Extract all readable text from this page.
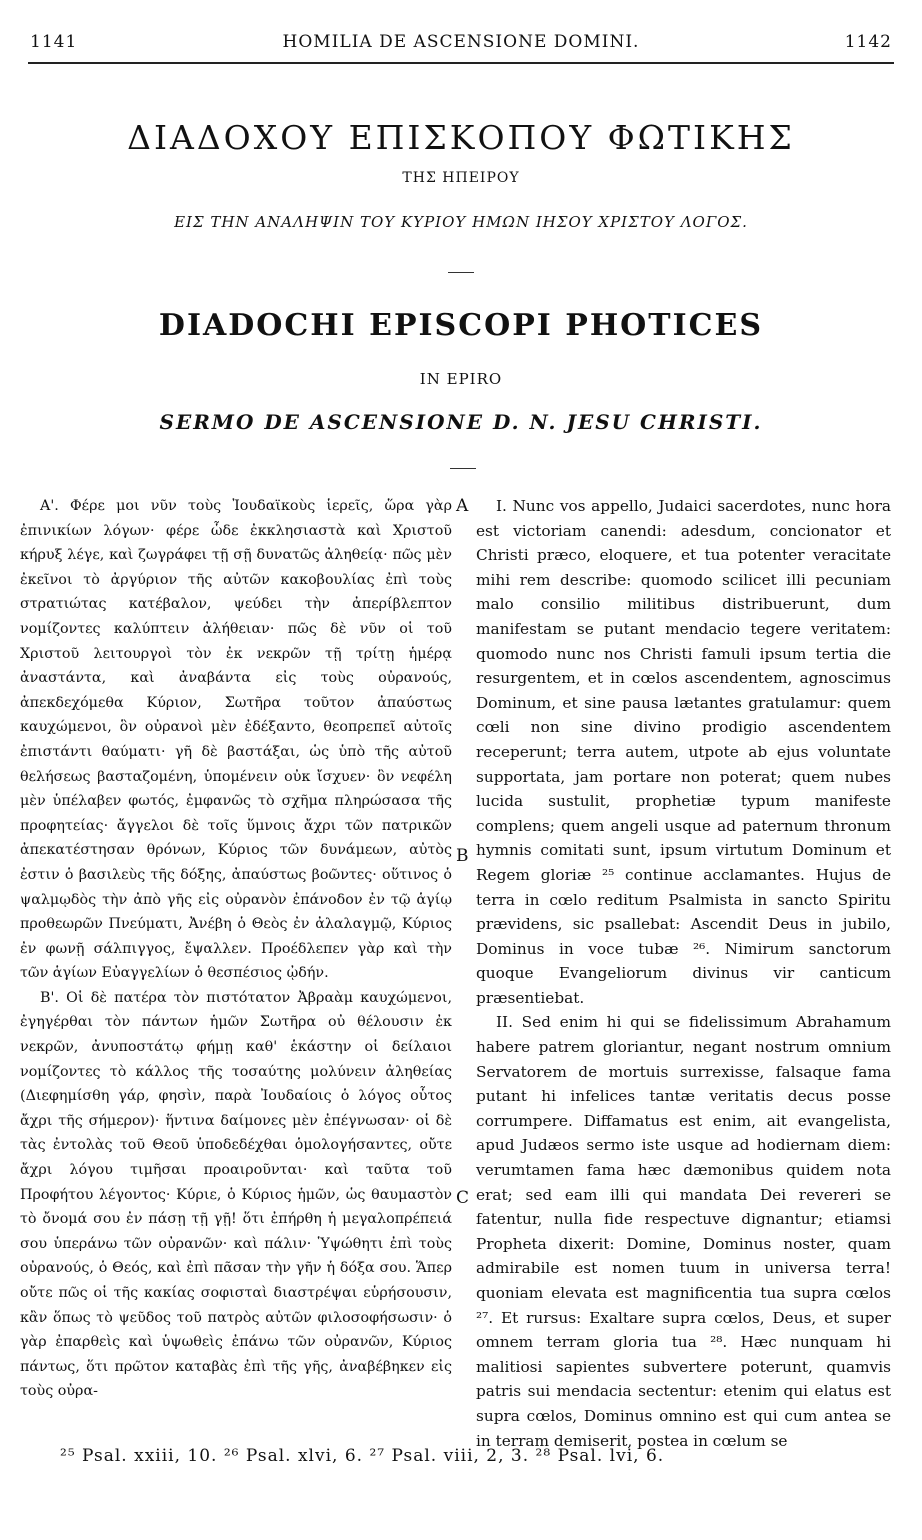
1141	HOMILIA DE ASCENSIONE DOMINI.	1142
ΔΙΑΔΟΧΟΥ ΕΠΙΣΚΟΠΟΥ ΦΩΤΙΚΗΣ
ΤΗΣ ΗΠΕΙΡΟΥ
ΕΙΣ ΤΗΝ ΑΝΑΛΗΨΙΝ ΤΟΥ ΚΥΡΙΟΥ ΗΜΩΝ ΙΗΣΟΥ ΧΡΙΣΤΟΥ ΛΟΓΟΣ.
DIADOCHI EPISCOPI PHOTICES
IN EPIRO
SERMO DE ASCENSIONE D. N. JESU CHRISTI.
Α'. Φέρε μοι νῦν τοὺς Ἰουδαϊκοὺς ἱερεῖς, ὥρα γὰρ ἐπινικίων λόγων· φέρε ὧδε ἐκκλησιαστὰ καὶ Χριστοῦ κήρυξ λέγε, καὶ ζωγράφει τῇ σῇ δυνατῶς ἀληθείᾳ· πῶς μὲν ἐκεῖνοι τὸ ἀργύριον τῆς αὐτῶν κακοβουλίας ἐπὶ τοὺς στρατιώτας κατέβαλον, ψεύδει τὴν ἀπερίβλεπτον νομίζοντες καλύπτειν ἀλήθειαν· πῶς δὲ νῦν οἱ τοῦ Χριστοῦ λειτουργοὶ τὸν ἐκ νεκρῶν τῇ τρίτῃ ἡμέρᾳ ἀναστάντα, καὶ ἀναβάντα εἰς τοὺς οὐρανούς, ἀπεκδεχόμεθα Κύριον, Σωτῆρα τοῦτον ἀπαύστως καυχώμενοι, ὃν οὐρανοὶ μὲν ἐδέξαντο, θεοπρεπεῖ αὐτοῖς ἐπιστάντι θαύματι· γῆ δὲ βαστάξαι, ὡς ὑπὸ τῆς αὐτοῦ θελήσεως βασταζομένη, ὑπομένειν οὐκ ἴσχυεν· ὃν νεφέλη μὲν ὑπέλαβεν φωτός, ἐμφανῶς τὸ σχῆμα πληρώσασα τῆς προφητείας· ἄγγελοι δὲ τοῖς ὕμνοις ἄχρι τῶν πατρικῶν ἀπεκατέστησαν θρόνων, Κύριος τῶν δυνάμεων, αὐτὸς ἐστιν ὁ βασιλεὺς τῆς δόξης, ἀπαύστως βοῶντες· οὕτινος ὁ ψαλμῳδὸς τὴν ἀπὸ γῆς εἰς οὐρανὸν ἐπάνοδον ἐν τῷ ἁγίῳ προθεωρῶν Πνεύματι, Ἀνέβη ὁ Θεὸς ἐν ἀλαλαγμῷ, Κύριος ἐν φωνῇ σάλπιγγος, ἔψαλλεν. Προέδλεπεν γὰρ καὶ τὴν τῶν ἁγίων Εὐαγγελίων ὁ θεσπέσιος ᾠδήν.
Β'. Οἱ δὲ πατέρα τὸν πιστότατον Ἀβραὰμ καυχώμενοι, ἐγηγέρθαι τὸν πάντων ἡμῶν Σωτῆρα οὐ θέλουσιν ἐκ νεκρῶν, ἀνυποστάτῳ φήμῃ καθ' ἑκάστην οἱ δείλαιοι νομίζοντες τὸ κάλλος τῆς τοσαύτης μολύνειν ἀληθείας (Διεφημίσθη γάρ, φησὶν, παρὰ Ἰουδαίοις ὁ λόγος οὗτος ἄχρι τῆς σήμερον)· ἥντινα δαίμονες μὲν ἐπέγνωσαν· οἱ δὲ τὰς ἐντολὰς τοῦ Θεοῦ ὑποδεδέχθαι ὁμολογήσαντες, οὔτε ἄχρι λόγου τιμῆσαι προαιροῦνται· καὶ ταῦτα τοῦ Προφήτου λέγοντος· Κύριε, ὁ Κύριος ἡμῶν, ὡς θαυμαστὸν τὸ ὄνομά σου ἐν πάσῃ τῇ γῇ! ὅτι ἐπήρθη ἡ μεγαλοπρέπειά σου ὑπεράνω τῶν οὐρανῶν· καὶ πάλιν· Ὑψώθητι ἐπὶ τοὺς οὐρανούς, ὁ Θεός, καὶ ἐπὶ πᾶσαν τὴν γῆν ἡ δόξα σου. Ἅπερ οὔτε πῶς οἱ τῆς κακίας σοφισταὶ διαστρέψαι εὑρήσουσιν, κἂν ὅπως τὸ ψεῦδος τοῦ πατρὸς αὐτῶν φιλοσοφήσωσιν· ὁ γὰρ ἐπαρθεὶς καὶ ὑψωθεὶς ἐπάνω τῶν οὐρανῶν, Κύριος πάντως, ὅτι πρῶτον καταβὰς ἐπὶ τῆς γῆς, ἀναβέβηκεν εἰς τοὺς οὐρα-
A
B
C
I. Nunc vos appello, Judaici sacerdotes, nunc hora est victoriam canendi: adesdum, concionator et Christi præco, eloquere, et tua potenter veracitate mihi rem describe: quomodo scilicet illi pecuniam malo consilio militibus distribuerunt, dum manifestam se putant mendacio tegere veritatem: quomodo nunc nos Christi famuli ipsum tertia die resurgentem, et in cœlos ascendentem, agnoscimus Dominum, et sine pausa lætantes gratulamur: quem cœli non sine divino prodigio ascendentem receperunt; terra autem, utpote ab ejus voluntate supportata, jam portare non poterat; quem nubes lucida sustulit, prophetiæ typum manifeste complens; quem angeli usque ad paternum thronum hymnis comitati sunt, ipsum virtutum Dominum et Regem gloriæ ²⁵ continue acclamantes. Hujus de terra in cœlo reditum Psalmista in sancto Spiritu prævidens, sic psallebat: Ascendit Deus in jubilo, Dominus in voce tubæ ²⁶. Nimirum sanctorum quoque Evangeliorum divinus vir canticum præsentiebat.
II. Sed enim hi qui se fidelissimum Abrahamum habere patrem gloriantur, negant nostrum omnium Servatorem de mortuis surrexisse, falsaque fama putant hi infelices tantæ veritatis decus posse corrumpere. Diffamatus est enim, ait evangelista, apud Judæos sermo iste usque ad hodiernam diem: verumtamen fama hæc dæmonibus quidem nota erat; sed eam illi qui mandata Dei revereri se fatentur, nulla fide respectuve dignantur; etiamsi Propheta dixerit: Domine, Dominus noster, quam admirabile est nomen tuum in universa terra! quoniam elevata est magnificentia tua supra cœlos ²⁷. Et rursus: Exaltare supra cœlos, Deus, et super omnem terram gloria tua ²⁸. Hæc nunquam hi malitiosi sapientes subvertere poterunt, quamvis patris sui mendacia sectentur: etenim qui elatus est supra cœlos, Dominus omnino est qui cum antea se in terram demiserit, postea in cœlum se
²⁵ Psal. xxiii, 10. ²⁶ Psal. xlvi, 6. ²⁷ Psal. viii, 2, 3. ²⁸ Psal. lvi, 6.
